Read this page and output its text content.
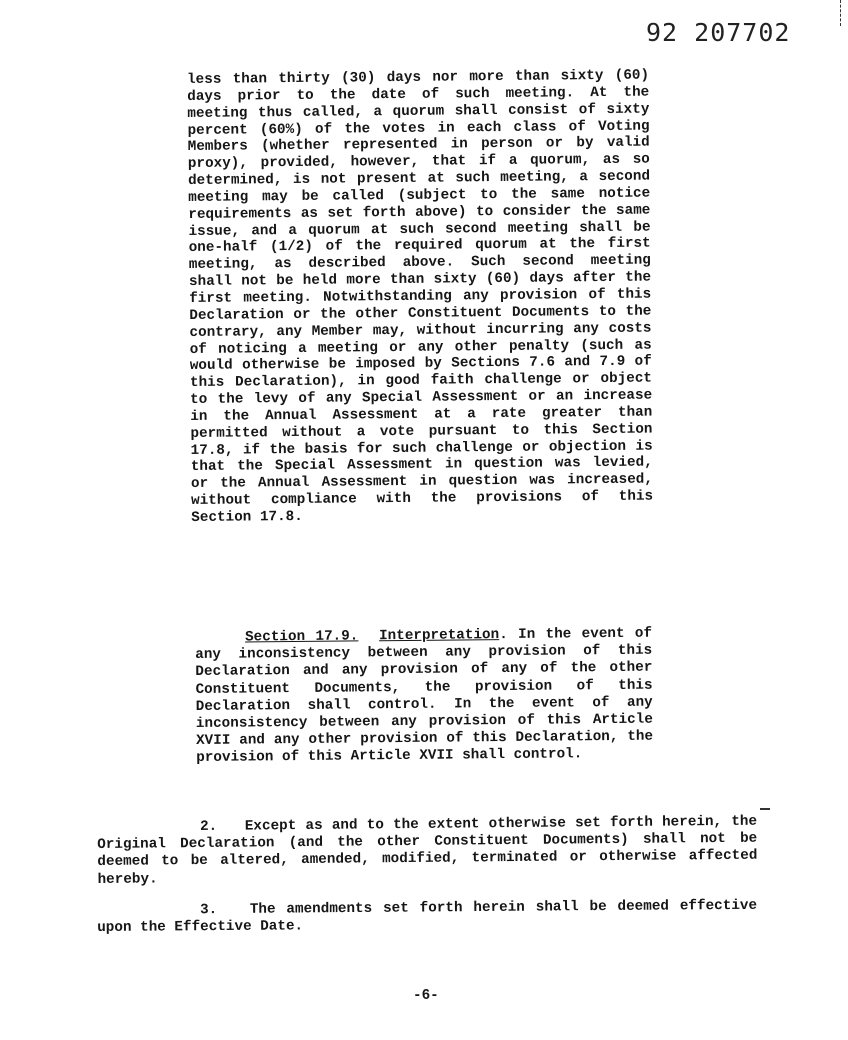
92 207702
less than thirty (30) days nor more than sixty (60) days prior to the date of such meeting. At the meeting thus called, a quorum shall consist of sixty percent (60%) of the votes in each class of Voting Members (whether represented in person or by valid proxy), provided, however, that if a quorum, as so determined, is not present at such meeting, a second meeting may be called (subject to the same notice requirements as set forth above) to consider the same issue, and a quorum at such second meeting shall be one-half (1/2) of the required quorum at the first meeting, as described above. Such second meeting shall not be held more than sixty (60) days after the first meeting. Notwithstanding any provision of this Declaration or the other Constituent Documents to the contrary, any Member may, without incurring any costs of noticing a meeting or any other penalty (such as would otherwise be imposed by Sections 7.6 and 7.9 of this Declaration), in good faith challenge or object to the levy of any Special Assessment or an increase in the Annual Assessment at a rate greater than permitted without a vote pursuant to this Section 17.8, if the basis for such challenge or objection is that the Special Assessment in question was levied, or the Annual Assessment in question was increased, without compliance with the provisions of this Section 17.8.
Section 17.9. Interpretation. In the event of any inconsistency between any provision of this Declaration and any provision of any of the other Constituent Documents, the provision of this Declaration shall control. In the event of any inconsistency between any provision of this Article XVII and any other provision of this Declaration, the provision of this Article XVII shall control.
2. Except as and to the extent otherwise set forth herein, the Original Declaration (and the other Constituent Documents) shall not be deemed to be altered, amended, modified, terminated or otherwise affected hereby.
3. The amendments set forth herein shall be deemed effective upon the Effective Date.
-6-
